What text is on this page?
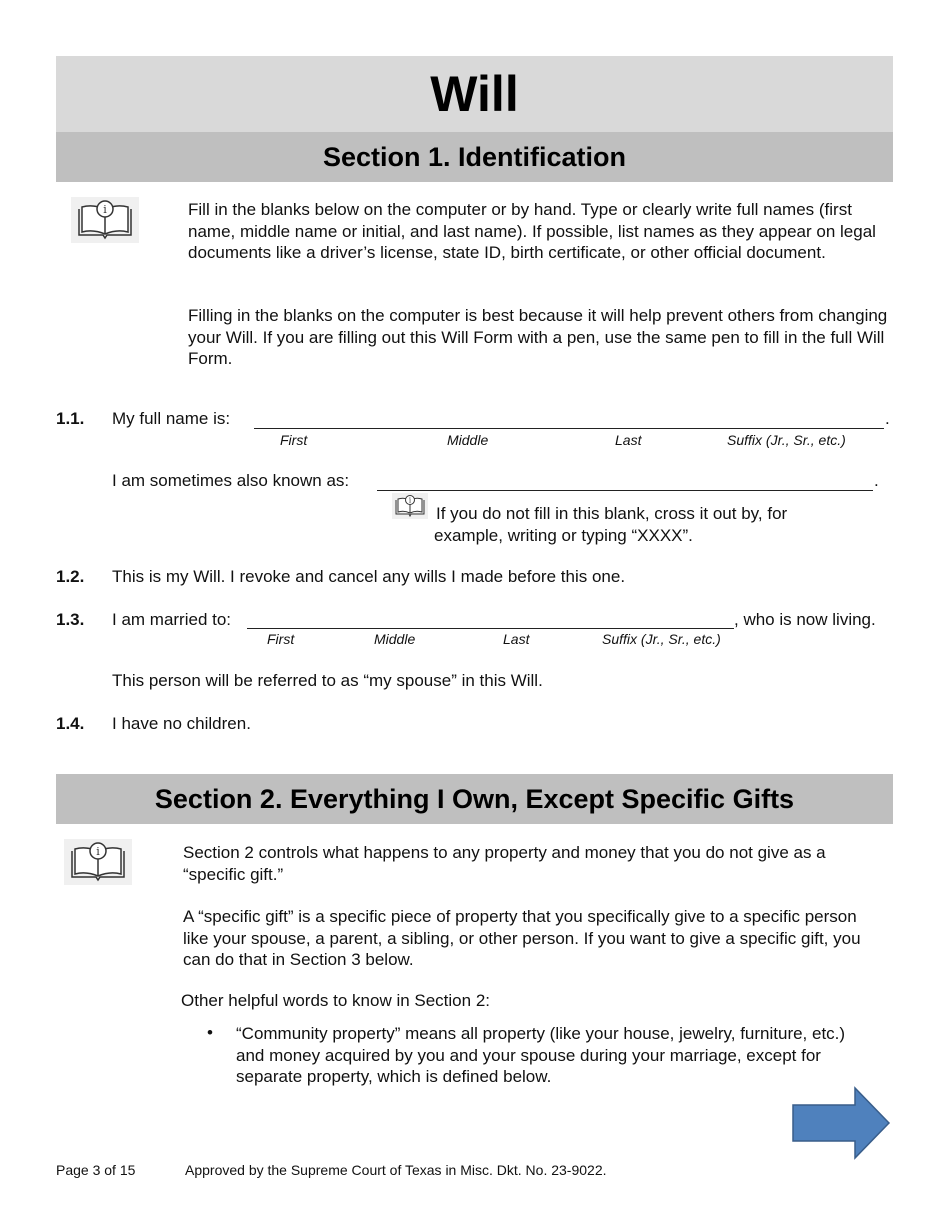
Will
Section 1. Identification
i	Fill in the blanks below on the computer or by hand. Type or clearly write full names (first name, middle name or initial, and last name). If possible, list names as they appear on legal documents like a driver’s license, state ID, birth certificate, or other official document.

Filling in the blanks on the computer is best because it will help prevent others from changing your Will. If you are filling out this Will Form with a pen, use the same pen to fill in the full Will Form.

1.1. My full name is:	.
First	Middle	Last	Suffix (Jr., Sr., etc.)
I am sometimes also known as:	.
i

If you do not fill in this blank, cross it out by, for example, writing or typing “XXXX”.

1.2. This is my Will. I revoke and cancel any wills I made before this one.
1.3. I am married to:	, who is now living.
First	Middle	Last	Suffix (Jr., Sr., etc.)
This person will be referred to as “my spouse” in this Will.
1.4. I have no children.
Section 2. Everything I Own, Except Specific Gifts
i	Section 2 controls what happens to any property and money that you do not give as a “specific gift.”

A “specific gift” is a specific piece of property that you specifically give to a specific person like your spouse, a parent, a sibling, or other person. If you want to give a specific gift, you can do that in Section 3 below.

Other helpful words to know in Section 2:
• “Community property” means all property (like your house, jewelry, furniture, etc.) and money acquired by you and your spouse during your marriage, except for separate property, which is defined below.

Page 3 of 15	Approved by the Supreme Court of Texas in Misc. Dkt. No. 23-9022.
